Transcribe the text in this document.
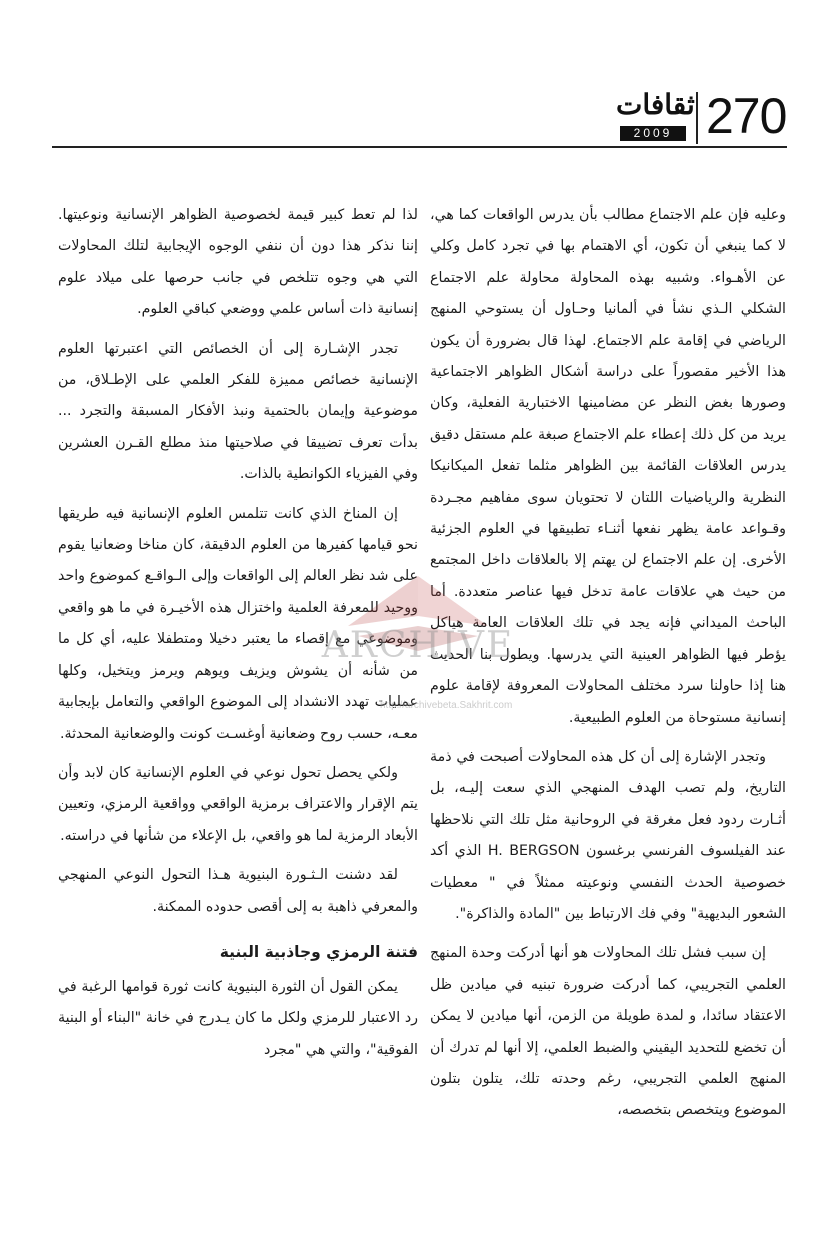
ثقافات
2009 270

وعليه فإن علم الاجتماع مطالب بأن يدرس الواقعات كما هي، لا كما ينبغي أن تكون، أي الاهتمام بها في تجرد كامل وكلي عن الأهـواء. وشبيه بهذه المحاولة محاولة علم الاجتماع الشكلي الـذي نشأ في ألمانيا وحـاول أن يستوحي المنهج الرياضي في إقامة علم الاجتماع. لهذا قال بضرورة أن يكون هذا الأخير مقصوراً على دراسة أشكال الظواهر الاجتماعية وصورها بغض النظر عن مضامينها الاختبارية الفعلية، وكان يريد من كل ذلك إعطاء علم الاجتماع صبغة علم مستقل دقيق يدرس العلاقات القائمة بين الظواهر مثلما تفعل الميكانيكا النظرية والرياضيات اللتان لا تحتويان سوى مفاهيم مجـردة وقـواعد عامة يظهر نفعها أثنـاء تطبيقها في العلوم الجزئية الأخرى. إن علم الاجتماع لن يهتم إلا بالعلاقات داخل المجتمع من حيث هي علاقات عامة تدخل فيها عناصر متعددة. أما الباحث الميداني فإنه يجد في تلك العلاقات العامة هياكل يؤطر فيها الظواهر العينية التي يدرسها. ويطول بنا الحديث هنا إذا حاولنا سرد مختلف المحاولات المعروفة لإقامة علوم إنسانية مستوحاة من العلوم الطبيعية.

وتجدر الإشارة إلى أن كل هذه المحاولات أصبحت في ذمة التاريخ، ولم تصب الهدف المنهجي الذي سعت إليـه، بل أثـارت ردود فعل مغرقة في الروحانية مثل تلك التي نلاحظها عند الفيلسوف الفرنسي برغسون H. BERGSON الذي أكد خصوصية الحدث النفسي ونوعيته ممثلاً في " معطيات الشعور البديهية" وفي فك الارتباط بين "المادة والذاكرة".

إن سبب فشل تلك المحاولات هو أنها أدركت وحدة المنهج العلمي التجريبي، كما أدركت ضرورة تبنيه في ميادين ظل الاعتقاد سائدا، و لمدة طويلة من الزمن، أنها ميادين لا يمكن أن تخضع للتحديد اليقيني والضبط العلمي، إلا أنها لم تدرك أن المنهج العلمي التجريبي، رغم وحدته تلك، يتلون بتلون الموضوع ويتخصص بتخصصه،

لذا لم تعط كبير قيمة لخصوصية الظواهر الإنسانية ونوعيتها. إننا نذكر هذا دون أن ننفي الوجوه الإيجابية لتلك المحاولات التي هي وجوه تتلخص في جانب حرصها على ميلاد علوم إنسانية ذات أساس علمي ووضعي كباقي العلوم.

تجدر الإشـارة إلى أن الخصائص التي اعتبرتها العلوم الإنسانية خصائص مميزة للفكر العلمي على الإطـلاق، من موضوعية وإيمان بالحتمية ونبذ الأفكار المسبقة والتجرد ... بدأت تعرف تضييقا في صلاحيتها منذ مطلع القـرن العشرين وفي الفيزياء الكوانطية بالذات.

إن المناخ الذي كانت تتلمس العلوم الإنسانية فيه طريقها نحو قيامها كفيرها من العلوم الدقيقة، كان مناخا وضعانيا يقوم على شد نظر العالم إلى الواقعات وإلى الـواقـع كموضوع واحد ووحيد للمعرفة العلمية واختزال هذه الأخيـرة في ما هو واقعي وموضوعي مع إقصاء ما يعتبر دخيلا ومتطفلا عليه، أي كل ما من شأنه أن يشوش ويزيف ويوهم ويرمز ويتخيل، وكلها عمليات تهدد الانشداد إلى الموضوع الواقعي والتعامل بإيجابية معـه، حسب روح وضعانية أوغسـت كونت والوضعانية المحدثة.

ولكي يحصل تحول نوعي في العلوم الإنسانية كان لابد وأن يتم الإقرار والاعتراف برمزية الواقعي وواقعية الرمزي، وتعيين الأبعاد الرمزية لما هو واقعي، بل الإعلاء من شأنها في دراسته.

لقد دشنت الـثـورة البنيوية هـذا التحول النوعي المنهجي والمعرفي ذاهبة به إلى أقصى حدوده الممكنة.

فتنة الرمزي وجاذبية البنية

يمكن القول أن الثورة البنيوية كانت ثورة قوامها الرغبة في رد الاعتبار للرمزي ولكل ما كان يـدرج في خانة "البناء أو البنية الفوقية"، والتي هي "مجرد

ARCHIVE
http://archivebeta.Sakhrit.com
